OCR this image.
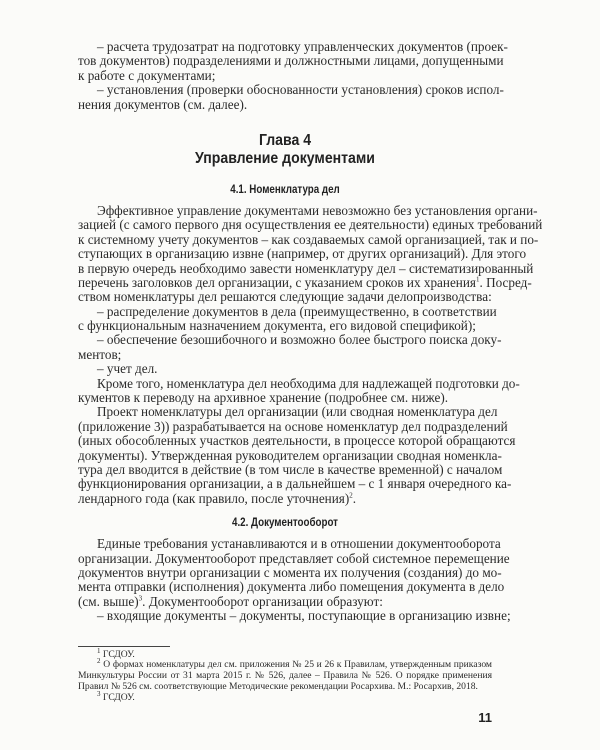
– расчета трудозатрат на подготовку управленческих документов (проек-
тов документов) подразделениями и должностными лицами, допущенными
к работе с документами;
– установления (проверки обоснованности установления) сроков испол-
нения документов (см. далее).
Глава 4
Управление документами
4.1. Номенклатура дел
Эффективное управление документами невозможно без установления органи-
зацией (с самого первого дня осуществления ее деятельности) единых требований
к системному учету документов – как создаваемых самой организацией, так и по-
ступающих в организацию извне (например, от других организаций). Для этого
в первую очередь необходимо завести номенклатуру дел – систематизированный
перечень заголовков дел организации, с указанием сроков их хранения$^1$. Посред-
ством номенклатуры дел решаются следующие задачи делопроизводства:
– распределение документов в дела (преимущественно, в соответствии
с функциональным назначением документа, его видовой спецификой);
– обеспечение безошибочного и возможно более быстрого поиска доку-
ментов;
– учет дел.
Кроме того, номенклатура дел необходима для надлежащей подготовки до-
кументов к переводу на архивное хранение (подробнее см. ниже).
Проект номенклатуры дел организации (или сводная номенклатура дел
(приложение 3)) разрабатывается на основе номенклатур дел подразделений
(иных обособленных участков деятельности, в процессе которой обращаются
документы). Утвержденная руководителем организации сводная номенкла-
тура дел вводится в действие (в том числе в качестве временной) с началом
функционирования организации, а в дальнейшем – с 1 января очередного ка-
лендарного года (как правило, после уточнения)$^2$.
4.2. Документооборот
Единые требования устанавливаются и в отношении документооборота
организации. Документооборот представляет собой системное перемещение
документов внутри организации с момента их получения (создания) до мо-
мента отправки (исполнения) документа либо помещения документа в дело
(см. выше)$^3$. Документооборот организации образуют:
– входящие документы – документы, поступающие в организацию извне;
$^1$ ГСДОУ.
$^2$ О формах номенклатуры дел см. приложения № 25 и 26 к Правилам, утвержденным приказом
Минкультуры России от 31 марта 2015 г. № 526, далее – Правила № 526. О порядке применения
Правил № 526 см. соответствующие Методические рекомендации Росархива. М.: Росархив, 2018.
$^3$ ГСДОУ.
11
